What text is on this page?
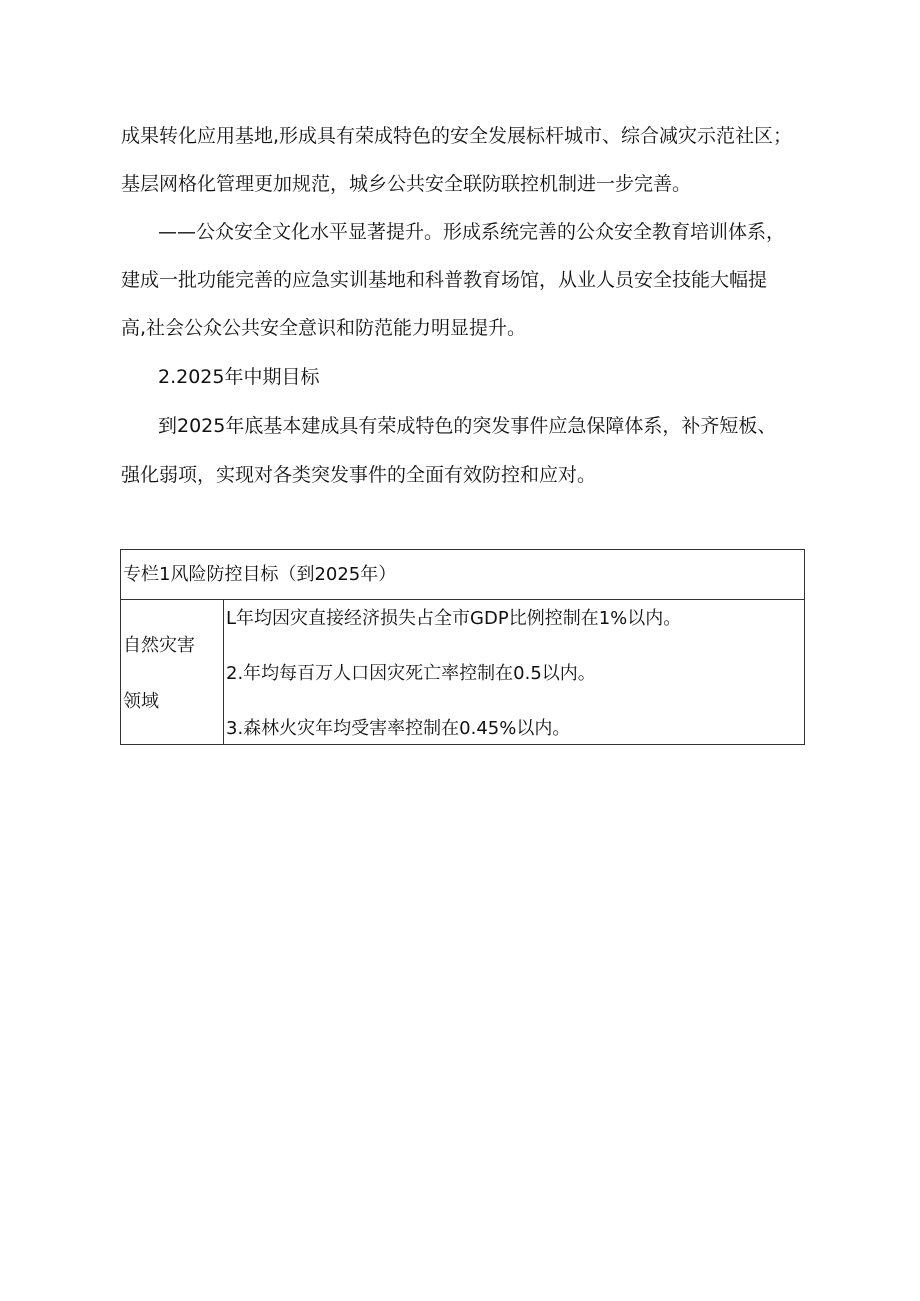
成果转化应用基地,形成具有荣成特色的安全发展标杆城市、综合减灾示范社区；
基层网格化管理更加规范，城乡公共安全联防联控机制进一步完善。
——公众安全文化水平显著提升。形成系统完善的公众安全教育培训体系，
建成一批功能完善的应急实训基地和科普教育场馆，从业人员安全技能大幅提
高,社会公众公共安全意识和防范能力明显提升。
2.2025年中期目标
到2025年底基本建成具有荣成特色的突发事件应急保障体系，补齐短板、
强化弱项，实现对各类突发事件的全面有效防控和应对。
专栏1风险防控目标（到2025年）
自然灾害
领域
L年均因灾直接经济损失占全市GDP比例控制在1%以内。
2.年均每百万人口因灾死亡率控制在0.5以内。
3.森林火灾年均受害率控制在0.45%以内。
